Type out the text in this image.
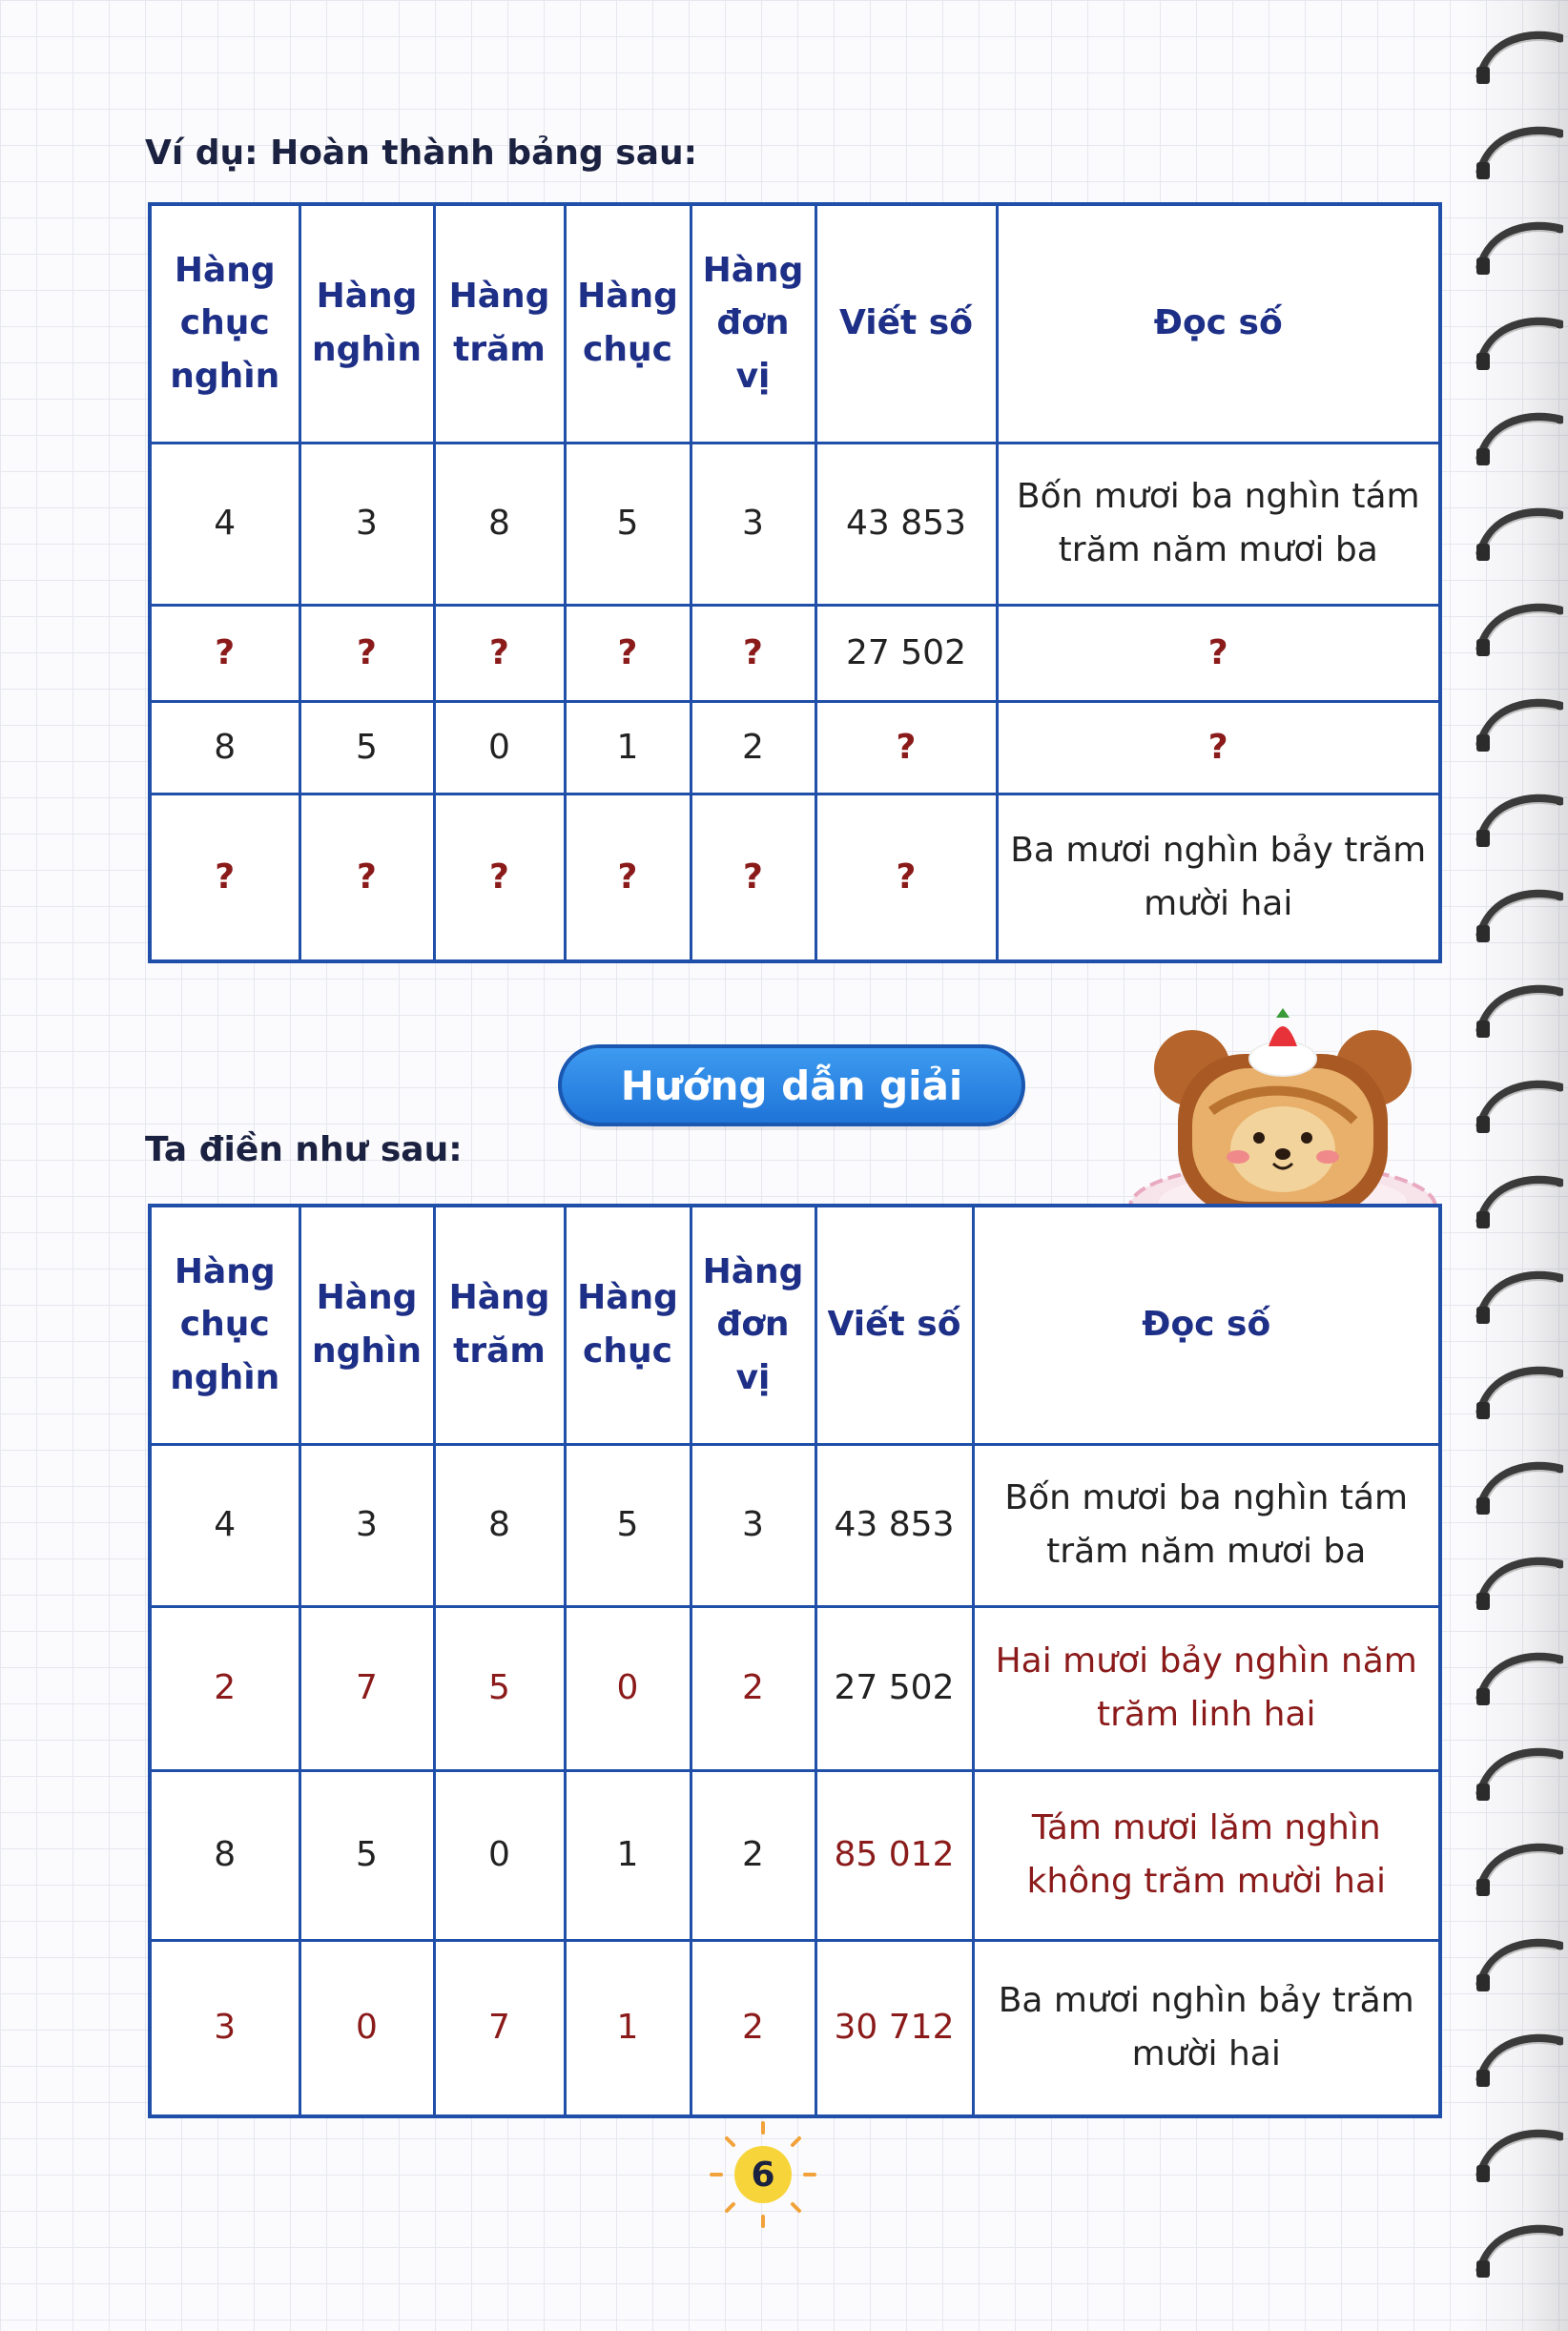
Ví dụ: Hoàn thành bảng sau:
Hàng chục nghìn	Hàng nghìn	Hàng trăm	Hàng chục	Hàng đơn vị	Viết số	Đọc số
4	3	8	5	3	43 853	Bốn mươi ba nghìn tám trăm năm mươi ba
?	?	?	?	?	27 502	?
8	5	0	1	2	?	?
?	?	?	?	?	?	Ba mươi nghìn bảy trăm mười hai
Hướng dẫn giải
Ta điền như sau:
Hàng chục nghìn	Hàng nghìn	Hàng trăm	Hàng chục	Hàng đơn vị	Viết số	Đọc số
4	3	8	5	3	43 853	Bốn mươi ba nghìn tám trăm năm mươi ba
2	7	5	0	2	27 502	Hai mươi bảy nghìn năm trăm linh hai
8	5	0	1	2	85 012	Tám mươi lăm nghìn không trăm mười hai
3	0	7	1	2	30 712	Ba mươi nghìn bảy trăm mười hai
6
